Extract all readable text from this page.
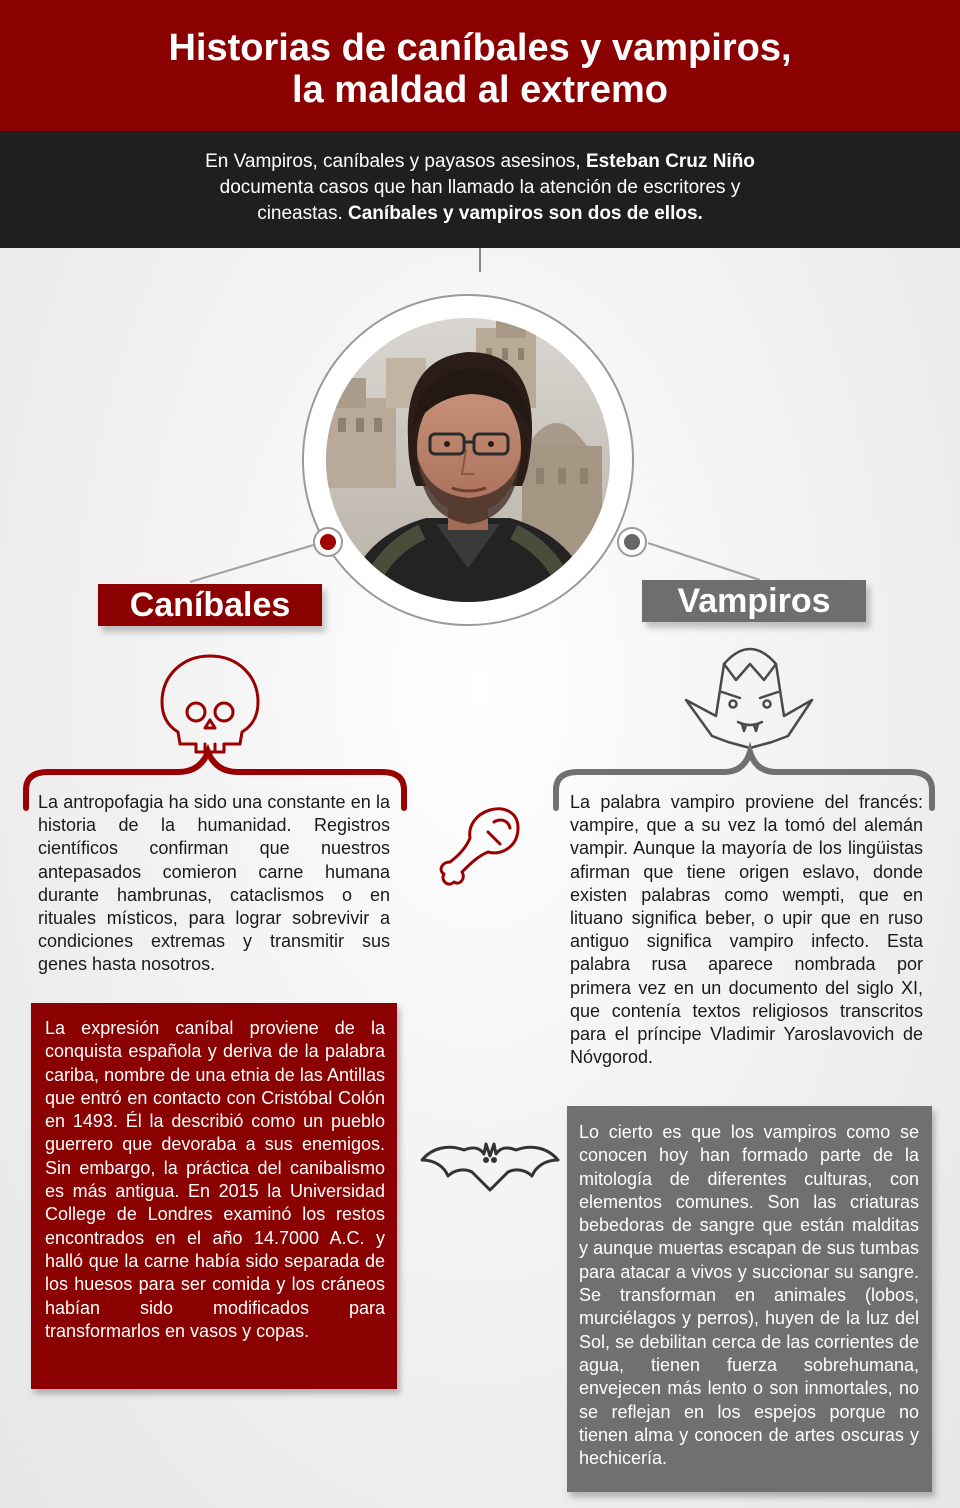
Historias de caníbales y vampiros, la maldad al extremo

En Vampiros, caníbales y payasos asesinos, Esteban Cruz Niño documenta casos que han llamado la atención de escritores y cineastas. Caníbales y vampiros son dos de ellos.

Caníbales	Vampiros

La antropofagia ha sido una constante en la historia de la humanidad. Registros científicos confirman que nuestros antepasados comieron carne humana durante hambrunas, cataclismos o en rituales místicos, para lograr sobrevivir a condiciones extremas y transmitir sus genes hasta nosotros.

La expresión caníbal proviene de la conquista española y deriva de la palabra cariba, nombre de una etnia de las Antillas que entró en contacto con Cristóbal Colón en 1493. Él la describió como un pueblo guerrero que devoraba a sus enemigos. Sin embargo, la práctica del canibalismo es más antigua. En 2015 la Universidad College de Londres examinó los restos encontrados en el año 14.7000 A.C. y halló que la carne había sido separada de los huesos para ser comida y los cráneos habían sido modificados para transformarlos en vasos y copas.

La palabra vampiro proviene del francés: vampire, que a su vez la tomó del alemán vampir. Aunque la mayoría de los lingüistas afirman que tiene origen eslavo, donde existen palabras como wempti, que en lituano significa beber, o upir que en ruso antiguo significa vampiro infecto. Esta palabra rusa aparece nombrada por primera vez en un documento del siglo XI, que contenía textos religiosos transcritos para el príncipe Vladimir Yaroslavovich de Nóvgorod.

Lo cierto es que los vampiros como se conocen hoy han formado parte de la mitología de diferentes culturas, con elementos comunes. Son las criaturas bebedoras de sangre que están malditas y aunque muertas escapan de sus tumbas para atacar a vivos y succionar su sangre. Se transforman en animales (lobos, murciélagos y perros), huyen de la luz del Sol, se debilitan cerca de las corrientes de agua, tienen fuerza sobrehumana, envejecen más lento o son inmortales, no se reflejan en los espejos porque no tienen alma y conocen de artes oscuras y hechicería.
